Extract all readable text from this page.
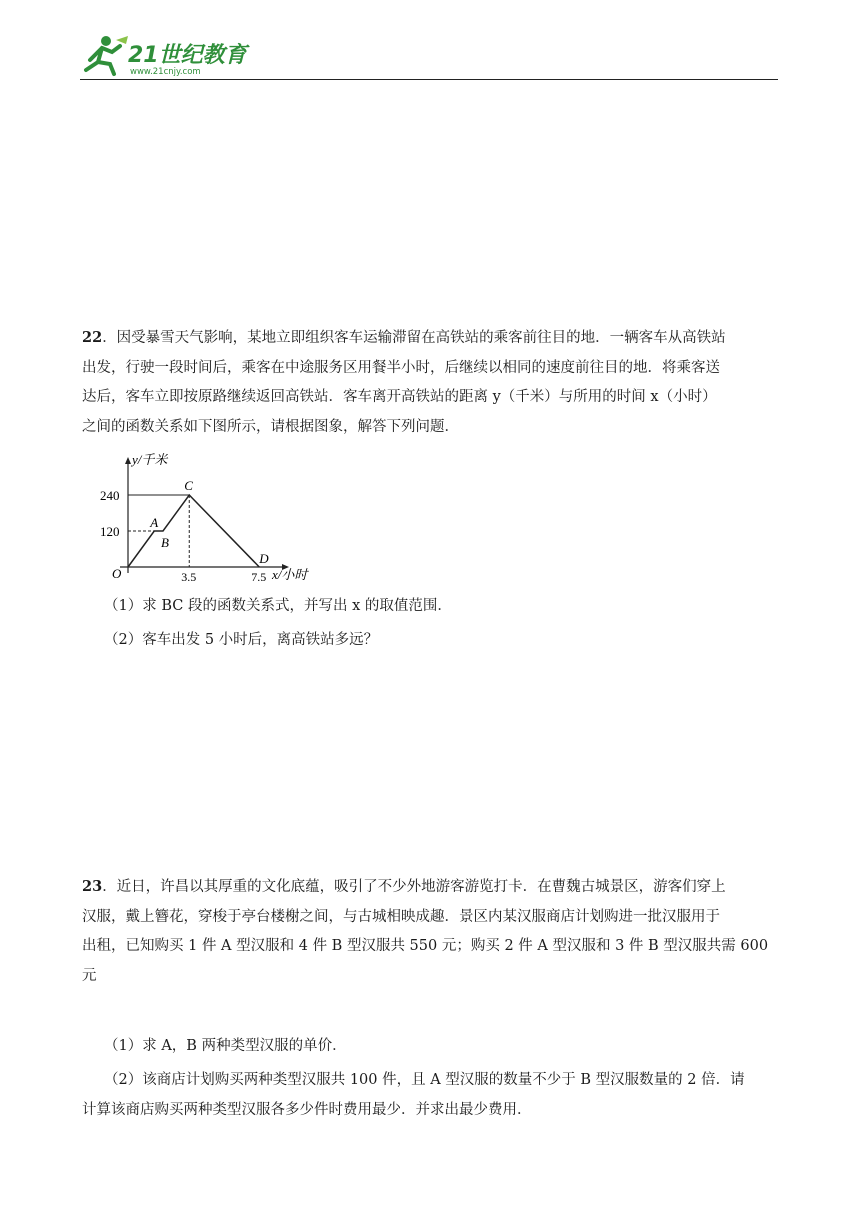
21世纪教育
www.21cnjy.com
22．因受暴雪天气影响，某地立即组织客车运输滞留在高铁站的乘客前往目的地．一辆客车从高铁站
出发，行驶一段时间后，乘客在中途服务区用餐半小时，后继续以相同的速度前往目的地．将乘客送
达后，客车立即按原路继续返回高铁站．客车离开高铁站的距离 y（千米）与所用的时间 x（小时）
之间的函数关系如下图所示，请根据图象，解答下列问题．
y/千米
x/小时
O
120
240
3.5	7.5
A
B
C
D
（1）求 BC 段的函数关系式，并写出 x 的取值范围．
（2）客车出发 5 小时后，离高铁站多远？
23．近日，许昌以其厚重的文化底蕴，吸引了不少外地游客游览打卡．在曹魏古城景区，游客们穿上
汉服，戴上簪花，穿梭于亭台楼榭之间，与古城相映成趣．景区内某汉服商店计划购进一批汉服用于
出租，已知购买 1 件 A 型汉服和 4 件 B 型汉服共 550 元；购买 2 件 A 型汉服和 3 件 B 型汉服共需 600
元
（1）求 A，B 两种类型汉服的单价．
（2）该商店计划购买两种类型汉服共 100 件，且 A 型汉服的数量不少于 B 型汉服数量的 2 倍．请
计算该商店购买两种类型汉服各多少件时费用最少．并求出最少费用．
